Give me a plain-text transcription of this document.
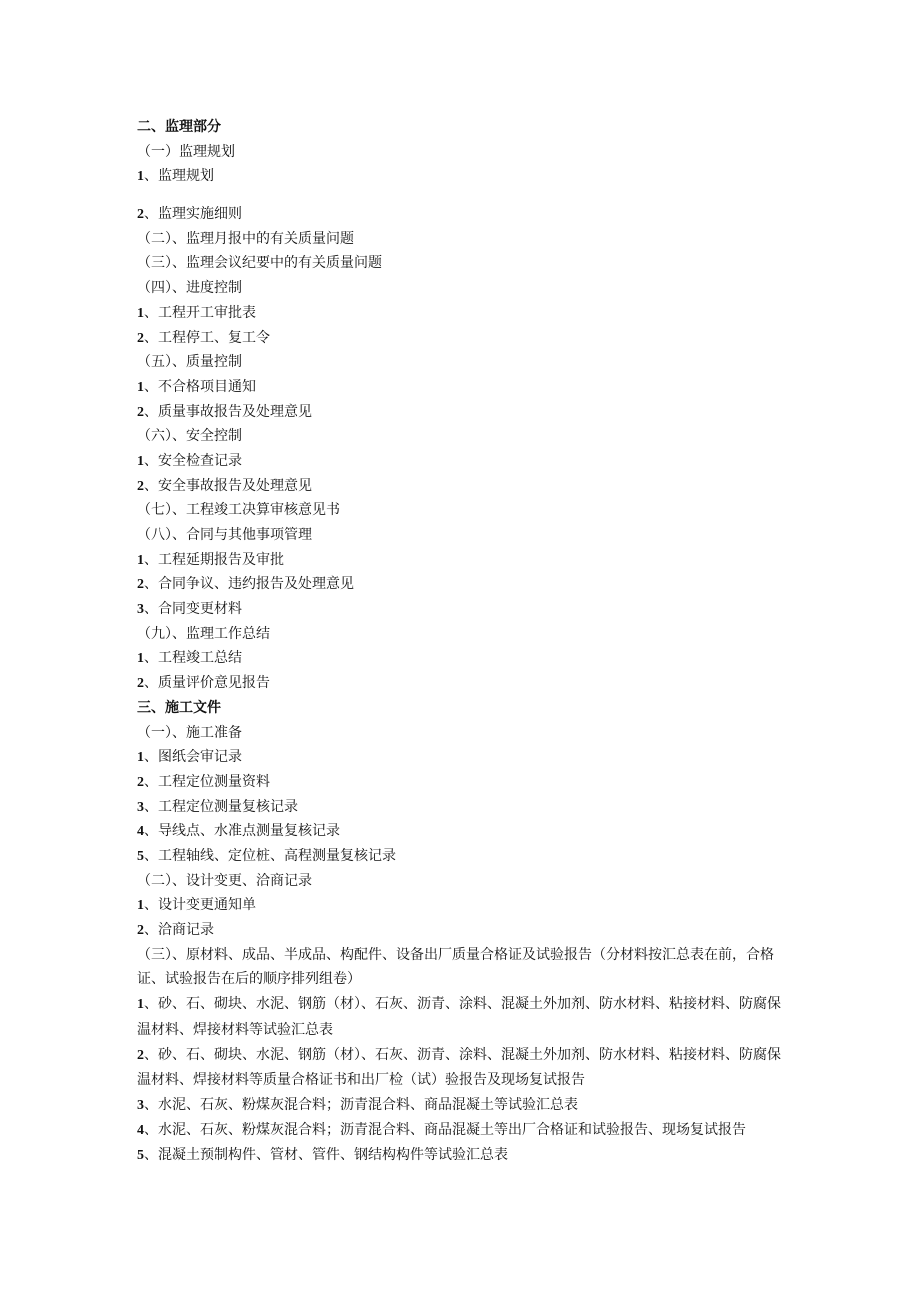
二、监理部分
（一）监理规划
1、监理规划
2、监理实施细则
（二）、监理月报中的有关质量问题
（三）、监理会议纪要中的有关质量问题
（四）、进度控制
1、工程开工审批表
2、工程停工、复工令
（五）、质量控制
1、不合格项目通知
2、质量事故报告及处理意见
（六）、安全控制
1、安全检查记录
2、安全事故报告及处理意见
（七）、工程竣工决算审核意见书
（八）、合同与其他事项管理
1、工程延期报告及审批
2、合同争议、违约报告及处理意见
3、合同变更材料
（九）、监理工作总结
1、工程竣工总结
2、质量评价意见报告
三、施工文件
（一）、施工准备
1、图纸会审记录
2、工程定位测量资料
3、工程定位测量复核记录
4、导线点、水准点测量复核记录
5、工程轴线、定位桩、高程测量复核记录
（二）、设计变更、洽商记录
1、设计变更通知单
2、洽商记录
（三）、原材料、成品、半成品、构配件、设备出厂质量合格证及试验报告（分材料按汇总表在前，合格证、试验报告在后的顺序排列组卷）
1、砂、石、砌块、水泥、钢筋（材）、石灰、沥青、涂料、混凝土外加剂、防水材料、粘接材料、防腐保温材料、焊接材料等试验汇总表
2、砂、石、砌块、水泥、钢筋（材）、石灰、沥青、涂料、混凝土外加剂、防水材料、粘接材料、防腐保温材料、焊接材料等质量合格证书和出厂检（试）验报告及现场复试报告
3、水泥、石灰、粉煤灰混合料；沥青混合料、商品混凝土等试验汇总表
4、水泥、石灰、粉煤灰混合料；沥青混合料、商品混凝土等出厂合格证和试验报告、现场复试报告
5、混凝土预制构件、管材、管件、钢结构构件等试验汇总表
